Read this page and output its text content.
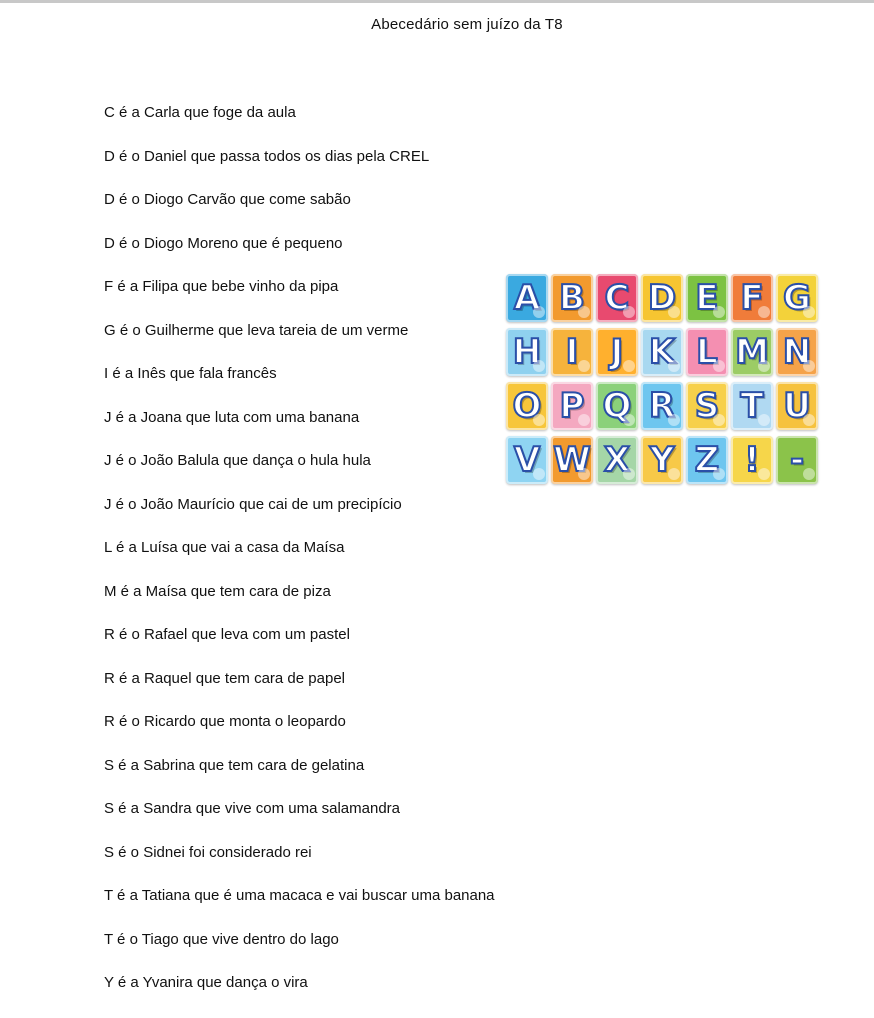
Abecedário sem juízo da T8
C é a Carla que foge da aula
D é o Daniel que passa todos os dias pela CREL
D é o Diogo Carvão que come sabão
D é o Diogo Moreno que é pequeno
F é a Filipa que bebe vinho da pipa
G é o Guilherme que leva tareia de um verme
I é a Inês que fala francês
J é a Joana que luta com uma banana
J é o João Balula que dança o hula hula
J é o João Maurício que cai de um precipício
L é a Luísa que vai a casa da Maísa
M é a Maísa que tem cara de piza
R é o Rafael que leva com um pastel
R é a Raquel que tem cara de papel
R é o Ricardo que monta o leopardo
S é a Sabrina que tem cara de gelatina
S é a Sandra que vive com uma salamandra
S é o Sidnei foi considerado rei
T é a Tatiana que é uma macaca e vai buscar uma banana
T é o Tiago que vive dentro do lago
Y é a Yvanira que dança o vira
A B C D E F G
H I J K L M N
O P Q R S T U
V W X Y Z ! -
